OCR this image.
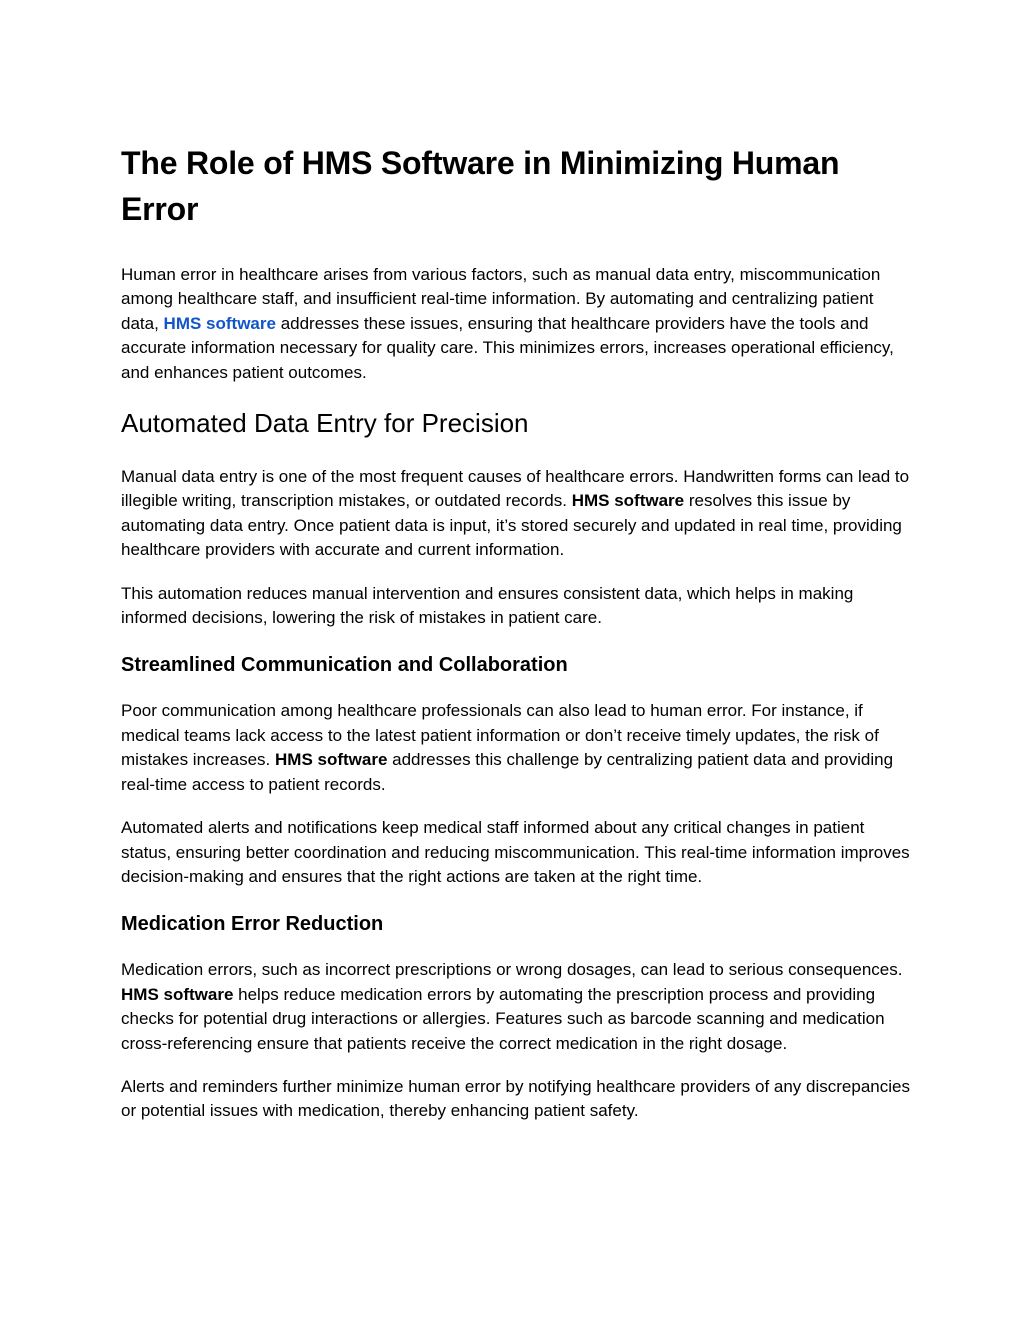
The Role of HMS Software in Minimizing Human Error

Human error in healthcare arises from various factors, such as manual data entry, miscommunication among healthcare staff, and insufficient real-time information. By automating and centralizing patient data, HMS software addresses these issues, ensuring that healthcare providers have the tools and accurate information necessary for quality care. This minimizes errors, increases operational efficiency, and enhances patient outcomes.

Automated Data Entry for Precision

Manual data entry is one of the most frequent causes of healthcare errors. Handwritten forms can lead to illegible writing, transcription mistakes, or outdated records. HMS software resolves this issue by automating data entry. Once patient data is input, it’s stored securely and updated in real time, providing healthcare providers with accurate and current information.

This automation reduces manual intervention and ensures consistent data, which helps in making informed decisions, lowering the risk of mistakes in patient care.

Streamlined Communication and Collaboration

Poor communication among healthcare professionals can also lead to human error. For instance, if medical teams lack access to the latest patient information or don’t receive timely updates, the risk of mistakes increases. HMS software addresses this challenge by centralizing patient data and providing real-time access to patient records.

Automated alerts and notifications keep medical staff informed about any critical changes in patient status, ensuring better coordination and reducing miscommunication. This real-time information improves decision-making and ensures that the right actions are taken at the right time.

Medication Error Reduction

Medication errors, such as incorrect prescriptions or wrong dosages, can lead to serious consequences. HMS software helps reduce medication errors by automating the prescription process and providing checks for potential drug interactions or allergies. Features such as barcode scanning and medication cross-referencing ensure that patients receive the correct medication in the right dosage.

Alerts and reminders further minimize human error by notifying healthcare providers of any discrepancies or potential issues with medication, thereby enhancing patient safety.
